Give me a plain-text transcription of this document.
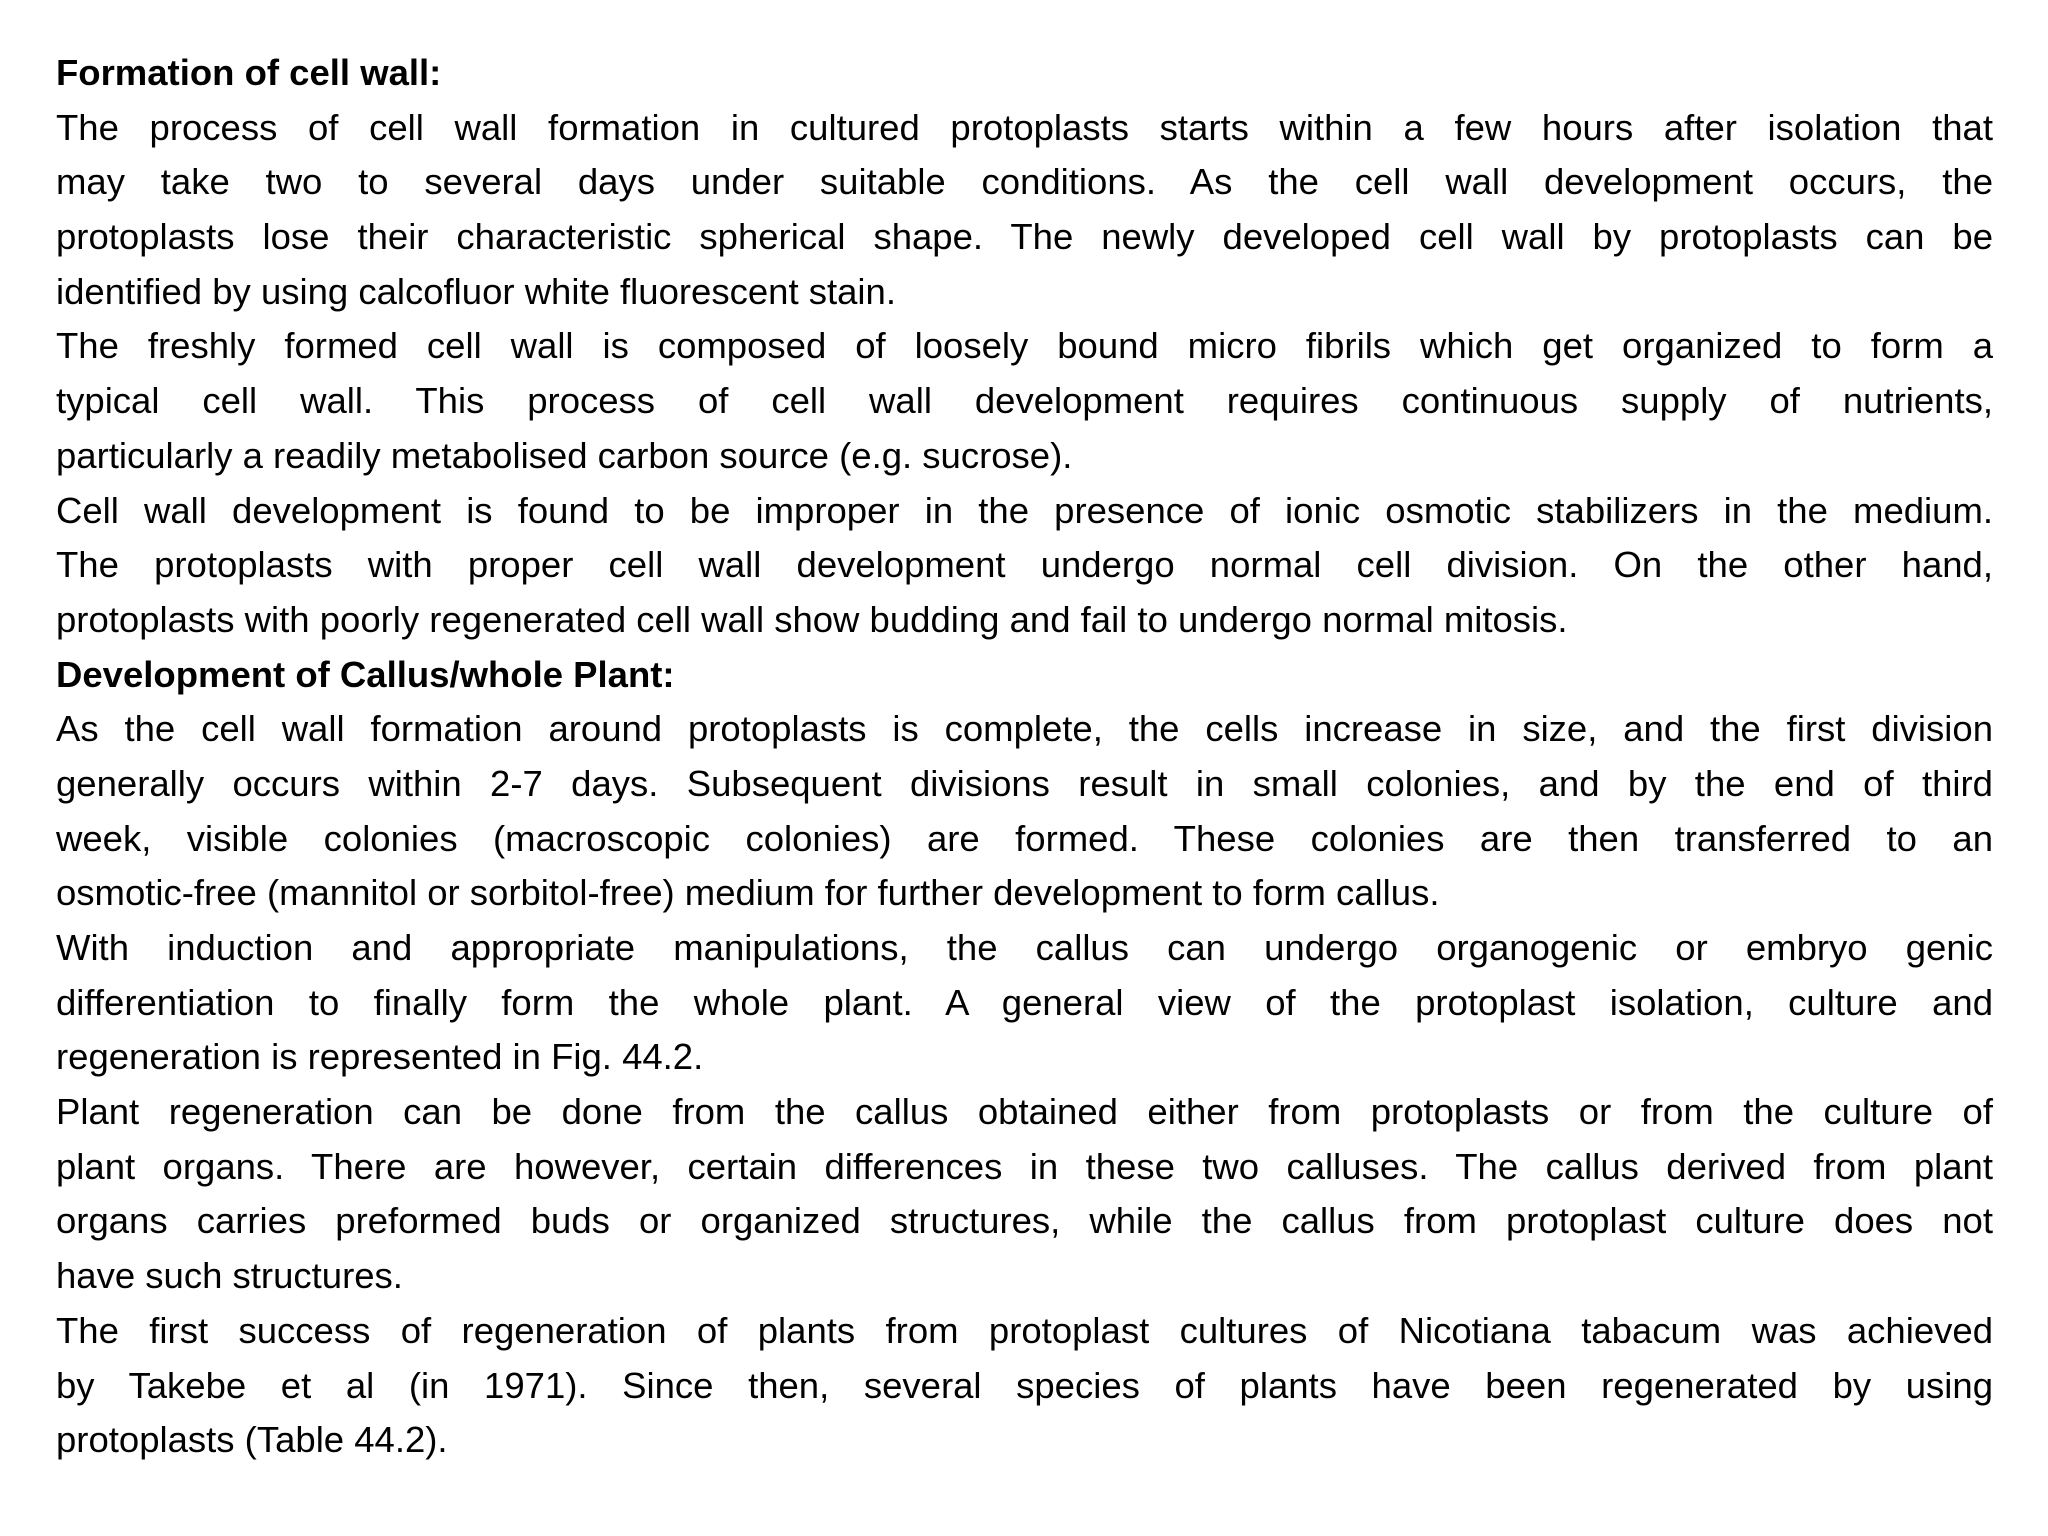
Formation of cell wall:
The process of cell wall formation in cultured protoplasts starts within a few hours after isolation that
may take two to several days under suitable conditions. As the cell wall development occurs, the
protoplasts lose their characteristic spherical shape. The newly developed cell wall by protoplasts can be
identified by using calcofluor white fluorescent stain.
The freshly formed cell wall is composed of loosely bound micro fibrils which get organized to form a
typical cell wall. This process of cell wall development requires continuous supply of nutrients,
particularly a readily metabolised carbon source (e.g. sucrose).
Cell wall development is found to be improper in the presence of ionic osmotic stabilizers in the medium.
The protoplasts with proper cell wall development undergo normal cell division. On the other hand,
protoplasts with poorly regenerated cell wall show budding and fail to undergo normal mitosis.
Development of Callus/whole Plant:
As the cell wall formation around protoplasts is complete, the cells increase in size, and the first division
generally occurs within 2-7 days. Subsequent divisions result in small colonies, and by the end of third
week, visible colonies (macroscopic colonies) are formed. These colonies are then transferred to an
osmotic-free (mannitol or sorbitol-free) medium for further development to form callus.
With induction and appropriate manipulations, the callus can undergo organogenic or embryo genic
differentiation to finally form the whole plant. A general view of the protoplast isolation, culture and
regeneration is represented in Fig. 44.2.
Plant regeneration can be done from the callus obtained either from protoplasts or from the culture of
plant organs. There are however, certain differences in these two calluses. The callus derived from plant
organs carries preformed buds or organized structures, while the callus from protoplast culture does not
have such structures.
The first success of regeneration of plants from protoplast cultures of Nicotiana tabacum was achieved
by Takebe et al (in 1971). Since then, several species of plants have been regenerated by using
protoplasts (Table 44.2).
